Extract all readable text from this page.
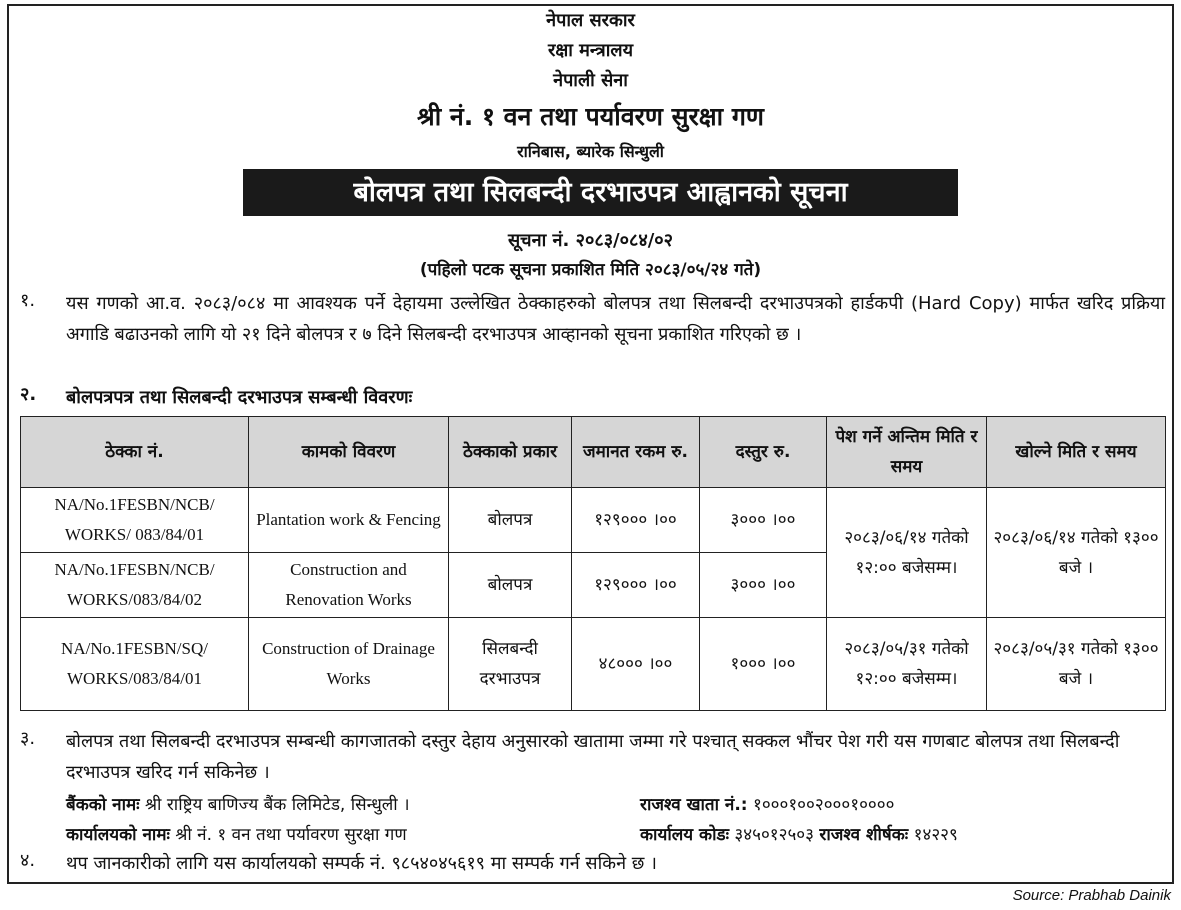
नेपाल सरकार
रक्षा मन्त्रालय
नेपाली सेना
श्री नं. १ वन तथा पर्यावरण सुरक्षा गण
रानिबास, ब्यारेक सिन्धुली
बोलपत्र तथा सिलबन्दी दरभाउपत्र आह्वानको सूचना
सूचना नं. २०८३/०८४/०२
(पहिलो पटक सूचना प्रकाशित मिति २०८३/०५/२४ गते)
१. यस गणको आ.व. २०८३/०८४ मा आवश्यक पर्ने देहायमा उल्लेखित ठेक्काहरुको बोलपत्र तथा सिलबन्दी दरभाउपत्रको हार्डकपी (Hard Copy) मार्फत खरिद प्रक्रिया अगाडि बढाउनको लागि यो २१ दिने बोलपत्र र ७ दिने सिलबन्दी दरभाउपत्र आव्हानको सूचना प्रकाशित गरिएको छ ।
२. बोलपत्रपत्र तथा सिलबन्दी दरभाउपत्र सम्बन्धी विवरणः
ठेक्का नं.	कामको विवरण	ठेक्काको प्रकार	जमानत रकम रु.	दस्तुर रु.	पेश गर्ने अन्तिम मिति र समय	खोल्ने मिति र समय
NA/No.1FESBN/NCB/ WORKS/ 083/84/01	Plantation work & Fencing	बोलपत्र	१२९००० ।००	३००० ।००	२०८३/०६/१४ गतेको १२:०० बजेसम्म।	२०८३/०६/१४ गतेको १३०० बजे ।
NA/No.1FESBN/NCB/ WORKS/083/84/02	Construction and Renovation Works	बोलपत्र	१२९००० ।००	३००० ।००		
NA/No.1FESBN/SQ/ WORKS/083/84/01	Construction of Drainage Works	सिलबन्दी दरभाउपत्र	४८००० ।००	१००० ।००	२०८३/०५/३१ गतेको १२:०० बजेसम्म।	२०८३/०५/३१ गतेको १३०० बजे ।
३. बोलपत्र तथा सिलबन्दी दरभाउपत्र सम्बन्धी कागजातको दस्तुर देहाय अनुसारको खातामा जम्मा गरे पश्चात् सक्कल भौंचर पेश गरी यस गणबाट बोलपत्र तथा सिलबन्दी दरभाउपत्र खरिद गर्न सकिनेछ ।
बैंकको नामः श्री राष्ट्रिय बाणिज्य बैंक लिमिटेड, सिन्धुली ।	राजश्व खाता नं.: १०००१००२०००१००००
कार्यालयको नामः श्री नं. १ वन तथा पर्यावरण सुरक्षा गण	कार्यालय कोडः ३४५०१२५०३ राजश्व शीर्षकः १४२२९
४. थप जानकारीको लागि यस कार्यालयको सम्पर्क नं. ९८५४०४५६१९ मा सम्पर्क गर्न सकिने छ ।
Source: Prabhab Dainik
